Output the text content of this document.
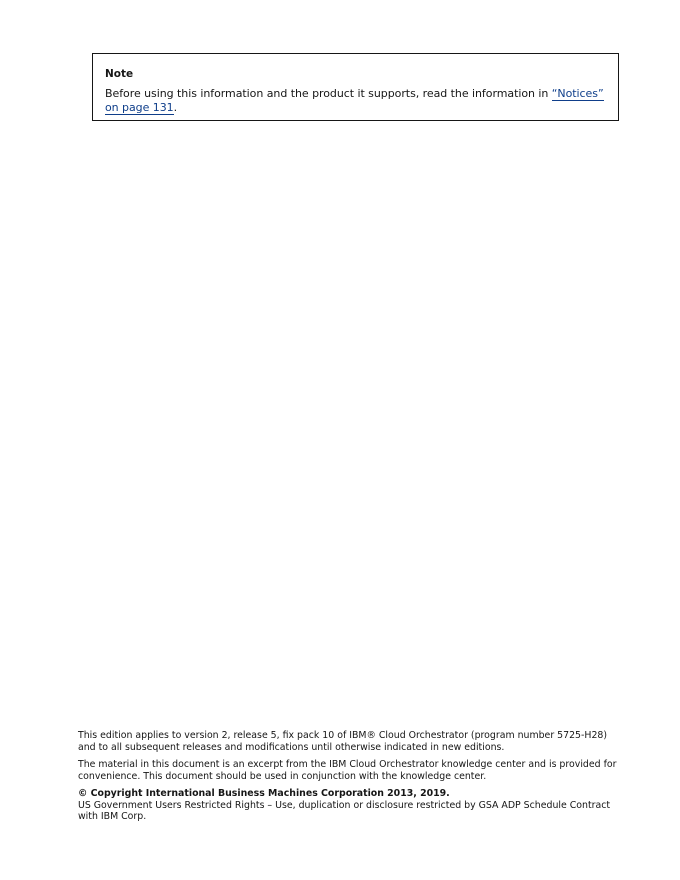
Note

Before using this information and the product it supports, read the information in “Notices” on page 131.

This edition applies to version 2, release 5, fix pack 10 of IBM® Cloud Orchestrator (program number 5725-H28) and to all subsequent releases and modifications until otherwise indicated in new editions.

The material in this document is an excerpt from the IBM Cloud Orchestrator knowledge center and is provided for convenience. This document should be used in conjunction with the knowledge center.

© Copyright International Business Machines Corporation 2013, 2019.

US Government Users Restricted Rights – Use, duplication or disclosure restricted by GSA ADP Schedule Contract with IBM Corp.
